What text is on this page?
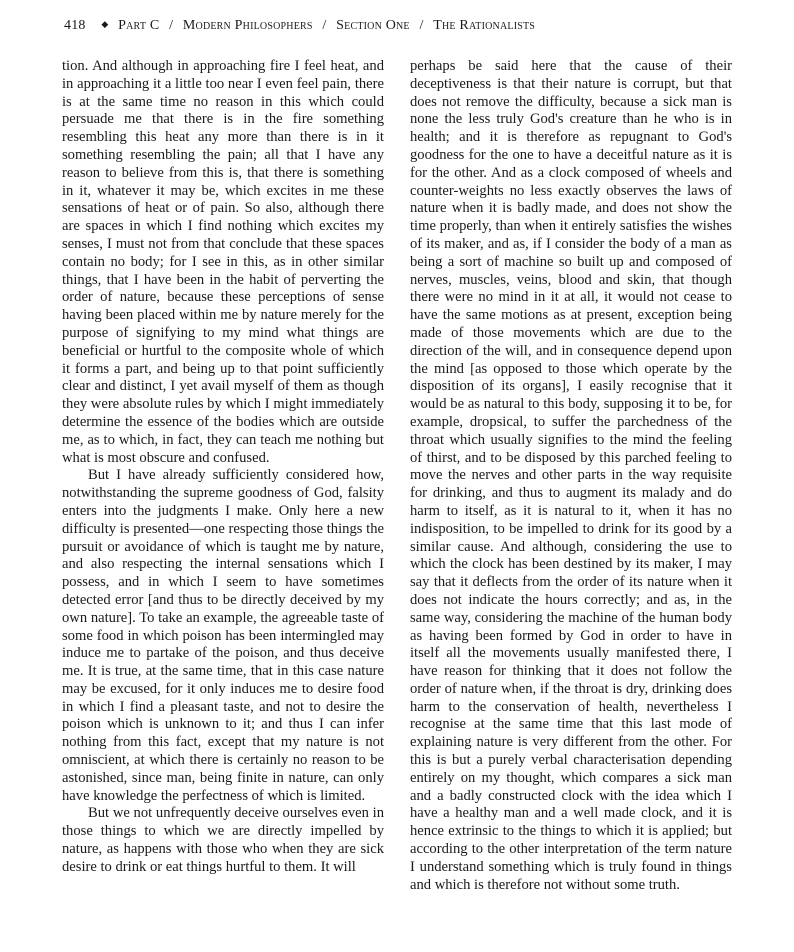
418 ◆ Part C / Modern Philosophers / Section One / The Rationalists

tion. And although in approaching fire I feel heat, and in approaching it a little too near I even feel pain, there is at the same time no reason in this which could persuade me that there is in the fire something resembling this heat any more than there is in it something resembling the pain; all that I have any reason to believe from this is, that there is something in it, whatever it may be, which excites in me these sensations of heat or of pain. So also, although there are spaces in which I find nothing which excites my senses, I must not from that conclude that these spaces contain no body; for I see in this, as in other similar things, that I have been in the habit of perverting the order of nature, because these perceptions of sense having been placed within me by nature merely for the purpose of signifying to my mind what things are beneficial or hurtful to the composite whole of which it forms a part, and being up to that point sufficiently clear and distinct, I yet avail myself of them as though they were absolute rules by which I might immediately determine the essence of the bodies which are outside me, as to which, in fact, they can teach me nothing but what is most obscure and confused.

But I have already sufficiently considered how, notwithstanding the supreme goodness of God, falsity enters into the judgments I make. Only here a new difficulty is presented—one respecting those things the pursuit or avoidance of which is taught me by nature, and also respecting the internal sensations which I possess, and in which I seem to have sometimes detected error [and thus to be directly deceived by my own nature]. To take an example, the agreeable taste of some food in which poison has been intermingled may induce me to partake of the poison, and thus deceive me. It is true, at the same time, that in this case nature may be excused, for it only induces me to desire food in which I find a pleasant taste, and not to desire the poison which is unknown to it; and thus I can infer nothing from this fact, except that my nature is not omniscient, at which there is certainly no reason to be astonished, since man, being finite in nature, can only have knowledge the perfectness of which is limited.

But we not unfrequently deceive ourselves even in those things to which we are directly impelled by nature, as happens with those who when they are sick desire to drink or eat things hurtful to them. It will

perhaps be said here that the cause of their deceptiveness is that their nature is corrupt, but that does not remove the difficulty, because a sick man is none the less truly God's creature than he who is in health; and it is therefore as repugnant to God's goodness for the one to have a deceitful nature as it is for the other. And as a clock composed of wheels and counter-weights no less exactly observes the laws of nature when it is badly made, and does not show the time properly, than when it entirely satisfies the wishes of its maker, and as, if I consider the body of a man as being a sort of machine so built up and composed of nerves, muscles, veins, blood and skin, that though there were no mind in it at all, it would not cease to have the same motions as at present, exception being made of those movements which are due to the direction of the will, and in consequence depend upon the mind [as opposed to those which operate by the disposition of its organs], I easily recognise that it would be as natural to this body, supposing it to be, for example, dropsical, to suffer the parchedness of the throat which usually signifies to the mind the feeling of thirst, and to be disposed by this parched feeling to move the nerves and other parts in the way requisite for drinking, and thus to augment its malady and do harm to itself, as it is natural to it, when it has no indisposition, to be impelled to drink for its good by a similar cause. And although, considering the use to which the clock has been destined by its maker, I may say that it deflects from the order of its nature when it does not indicate the hours correctly; and as, in the same way, considering the machine of the human body as having been formed by God in order to have in itself all the movements usually manifested there, I have reason for thinking that it does not follow the order of nature when, if the throat is dry, drinking does harm to the conservation of health, nevertheless I recognise at the same time that this last mode of explaining nature is very different from the other. For this is but a purely verbal characterisation depending entirely on my thought, which compares a sick man and a badly constructed clock with the idea which I have a healthy man and a well made clock, and it is hence extrinsic to the things to which it is applied; but according to the other interpretation of the term nature I understand something which is truly found in things and which is therefore not without some truth.
